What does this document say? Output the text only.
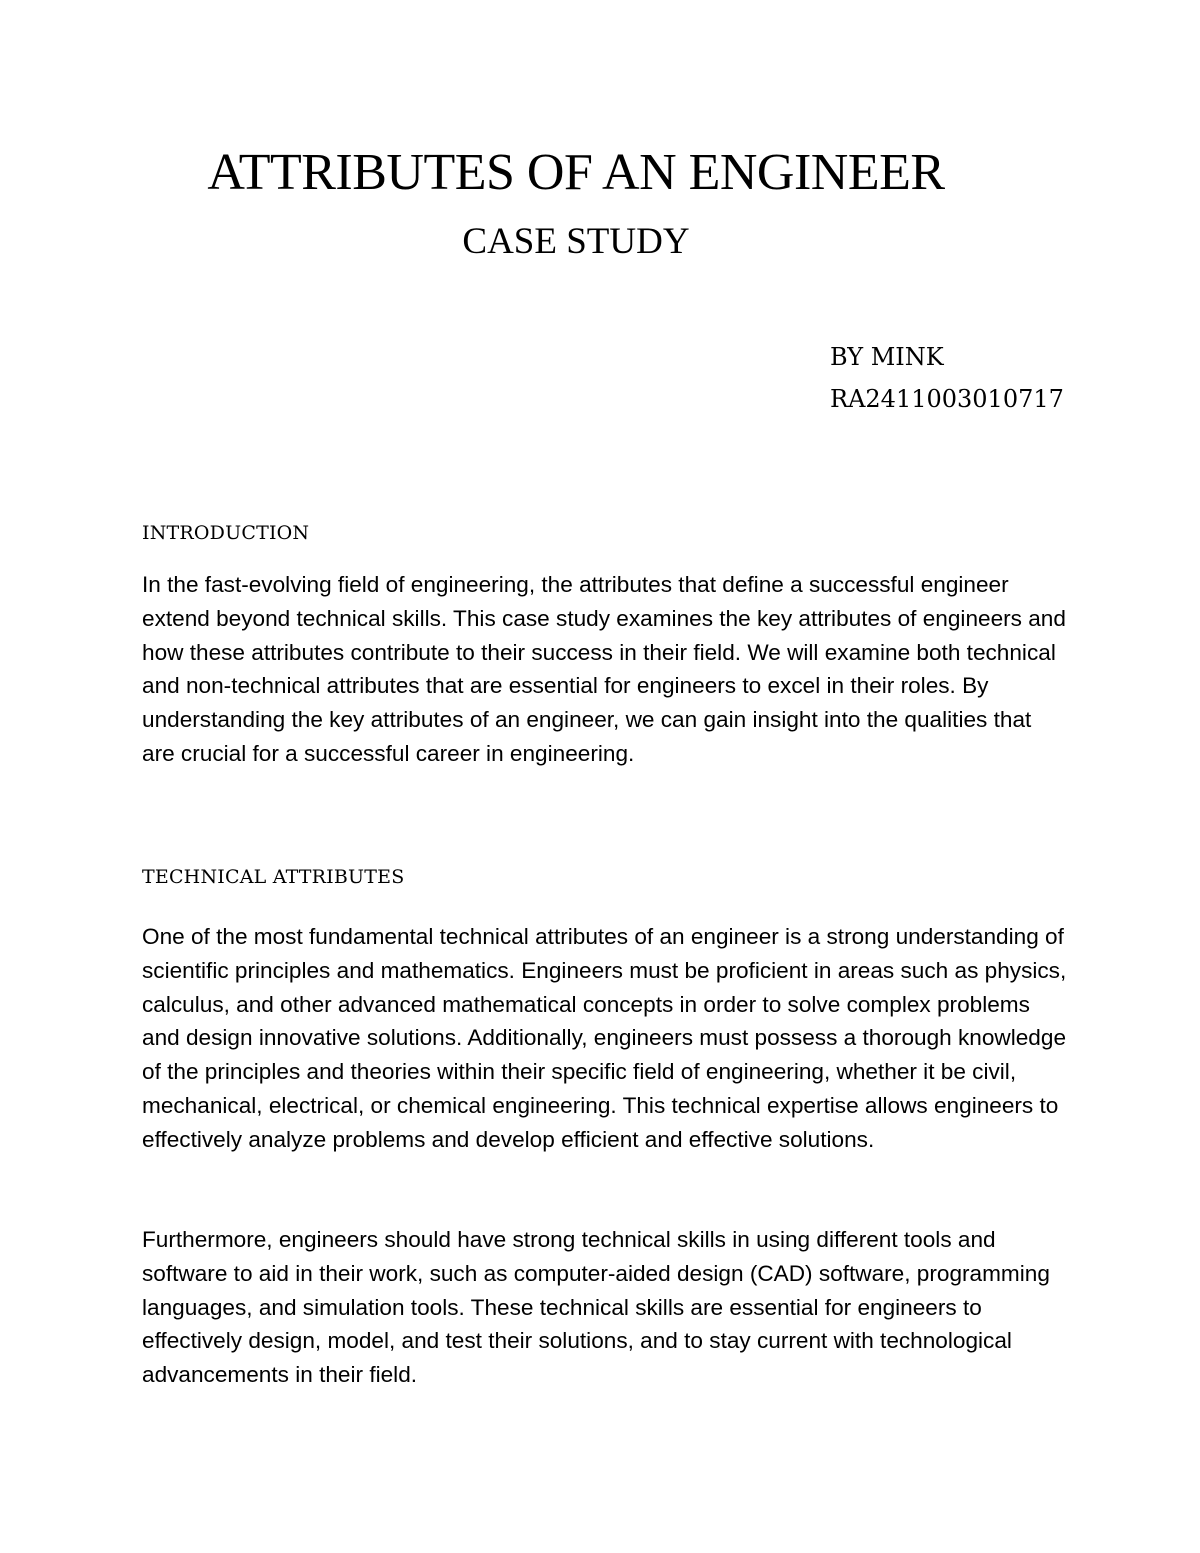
ATTRIBUTES OF AN ENGINEER
CASE STUDY
BY MINK
RA2411003010717
INTRODUCTION

In the fast-evolving field of engineering, the attributes that define a successful engineer extend beyond technical skills. This case study examines the key attributes of engineers and how these attributes contribute to their success in their field. We will examine both technical and non-technical attributes that are essential for engineers to excel in their roles. By understanding the key attributes of an engineer, we can gain insight into the qualities that are crucial for a successful career in engineering.

TECHNICAL ATTRIBUTES

One of the most fundamental technical attributes of an engineer is a strong understanding of scientific principles and mathematics. Engineers must be proficient in areas such as physics, calculus, and other advanced mathematical concepts in order to solve complex problems and design innovative solutions. Additionally, engineers must possess a thorough knowledge of the principles and theories within their specific field of engineering, whether it be civil, mechanical, electrical, or chemical engineering. This technical expertise allows engineers to effectively analyze problems and develop efficient and effective solutions.

Furthermore, engineers should have strong technical skills in using different tools and software to aid in their work, such as computer-aided design (CAD) software, programming languages, and simulation tools. These technical skills are essential for engineers to effectively design, model, and test their solutions, and to stay current with technological advancements in their field.
